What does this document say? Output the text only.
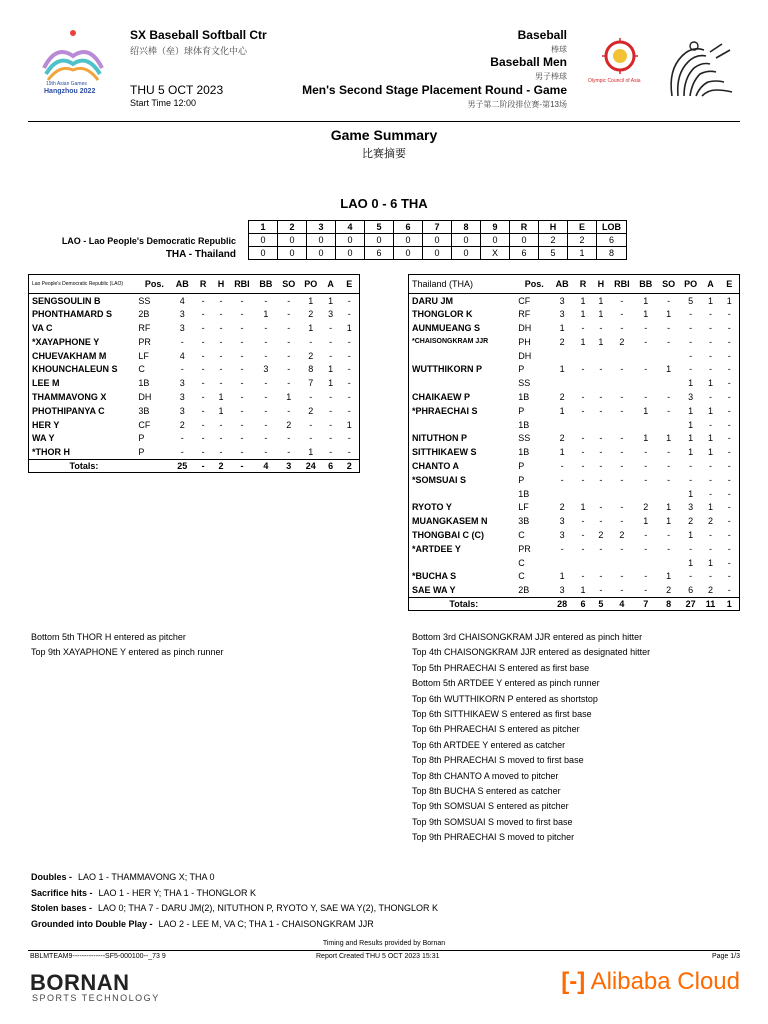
19th Asian Games
Hangzhou 2022
SX Baseball Softball Ctr
绍兴棒（垒）球体育文化中心
THU 5 OCT 2023
Start Time 12:00
Baseball
棒球
Baseball Men
男子棒球
Men's Second Stage Placement Round - Game
男子第二阶段排位赛-第13场
Olympic Council of Asia
Game Summary
比赛摘要
LAO 0 - 6 THA
LAO - Lao People's Democratic Republic
THA - Thailand
1	2	3	4	5	6	7	8	9	R	H	E	LOB
0	0	0	0	0	0	0	0	0	0	2	2	6
0	0	0	0	6	0	0	0	X	6	5	1	8
Lao People's Democratic Republic (LAO)	Pos.	AB	R	H	RBI	BB	SO	PO	A	E
SENGSOULIN B	SS	4	-	-	-	-	-	1	1	-
PHONTHAMARD S	2B	3	-	-	-	1	-	2	3	-
VA C	RF	3	-	-	-	-	-	1	-	1
*XAYAPHONE Y	PR	-	-	-	-	-	-	-	-	-
CHUEVAKHAM M	LF	4	-	-	-	-	-	2	-	-
KHOUNCHALEUN S	C	-	-	-	-	3	-	8	1	-
LEE M	1B	3	-	-	-	-	-	7	1	-
THAMMAVONG X	DH	3	-	1	-	-	1	-	-	-
PHOTHIPANYA C	3B	3	-	1	-	-	-	2	-	-
HER Y	CF	2	-	-	-	-	2	-	-	1
WA Y	P	-	-	-	-	-	-	-	-	-
*THOR H	P	-	-	-	-	-	-	1	-	-
Totals:		25	-	2	-	4	3	24	6	2
Thailand (THA)	Pos.	AB	R	H	RBI	BB	SO	PO	A	E
DARU JM	CF	3	1	1	-	1	-	5	1	1
THONGLOR K	RF	3	1	1	-	1	1	-	-	-
AUNMUEANG S	DH	1	-	-	-	-	-	-	-	-
*CHAISONGKRAM JJR	PH	2	1	1	2	-	-	-	-	-
	DH							-	-	-
WUTTHIKORN P	P	1	-	-	-	-	1	-	-	-
	SS							1	1	-
CHAIKAEW P	1B	2	-	-	-	-	-	3	-	-
*PHRAECHAI S	P	1	-	-	-	1	-	1	1	-
	1B							1	-	-
NITUTHON P	SS	2	-	-	-	1	1	1	1	-
SITTHIKAEW S	1B	1	-	-	-	-	-	1	1	-
CHANTO A	P	-	-	-	-	-	-	-	-	-
*SOMSUAI S	P	-	-	-	-	-	-	-	-	-
	1B							1	-	-
RYOTO Y	LF	2	1	-	-	2	1	3	1	-
MUANGKASEM N	3B	3	-	-	-	1	1	2	2	-
THONGBAI C (C)	C	3	-	2	2	-	-	1	-	-
*ARTDEE Y	PR	-	-	-	-	-	-	-	-	-
	C							1	1	-
*BUCHA S	C	1	-	-	-	-	1	-	-	-
SAE WA Y	2B	3	1	-	-	-	2	6	2	-
Totals:		28	6	5	4	7	8	27	11	1
Bottom 5th THOR H entered as pitcher
Top 9th XAYAPHONE Y entered as pinch runner
Bottom 3rd CHAISONGKRAM JJR entered as pinch hitter
Top 4th CHAISONGKRAM JJR entered as designated hitter
Top 5th PHRAECHAI S entered as first base
Bottom 5th ARTDEE Y entered as pinch runner
Top 6th WUTTHIKORN P entered as shortstop
Top 6th SITTHIKAEW S entered as first base
Top 6th PHRAECHAI S entered as pitcher
Top 6th ARTDEE Y entered as catcher
Top 8th PHRAECHAI S moved to first base
Top 8th CHANTO A moved to pitcher
Top 8th BUCHA S entered as catcher
Top 9th SOMSUAI S entered as pitcher
Top 9th SOMSUAI S moved to first base
Top 9th PHRAECHAI S moved to pitcher
Doubles - LAO 1 - THAMMAVONG X; THA 0
Sacrifice hits - LAO 1 - HER Y; THA 1 - THONGLOR K
Stolen bases - LAO 0; THA 7 - DARU JM(2), NITUTHON P, RYOTO Y, SAE WA Y(2), THONGLOR K
Grounded into Double Play - LAO 2 - LEE M, VA C; THA 1 - CHAISONGKRAM JJR
Timing and Results provided by Bornan
BBLMTEAM9--------------SF5-000100--_73 9	Report Created THU 5 OCT 2023 15:31	Page 1/3
BORNAN
SPORTS TECHNOLOGY
[-] Alibaba Cloud
